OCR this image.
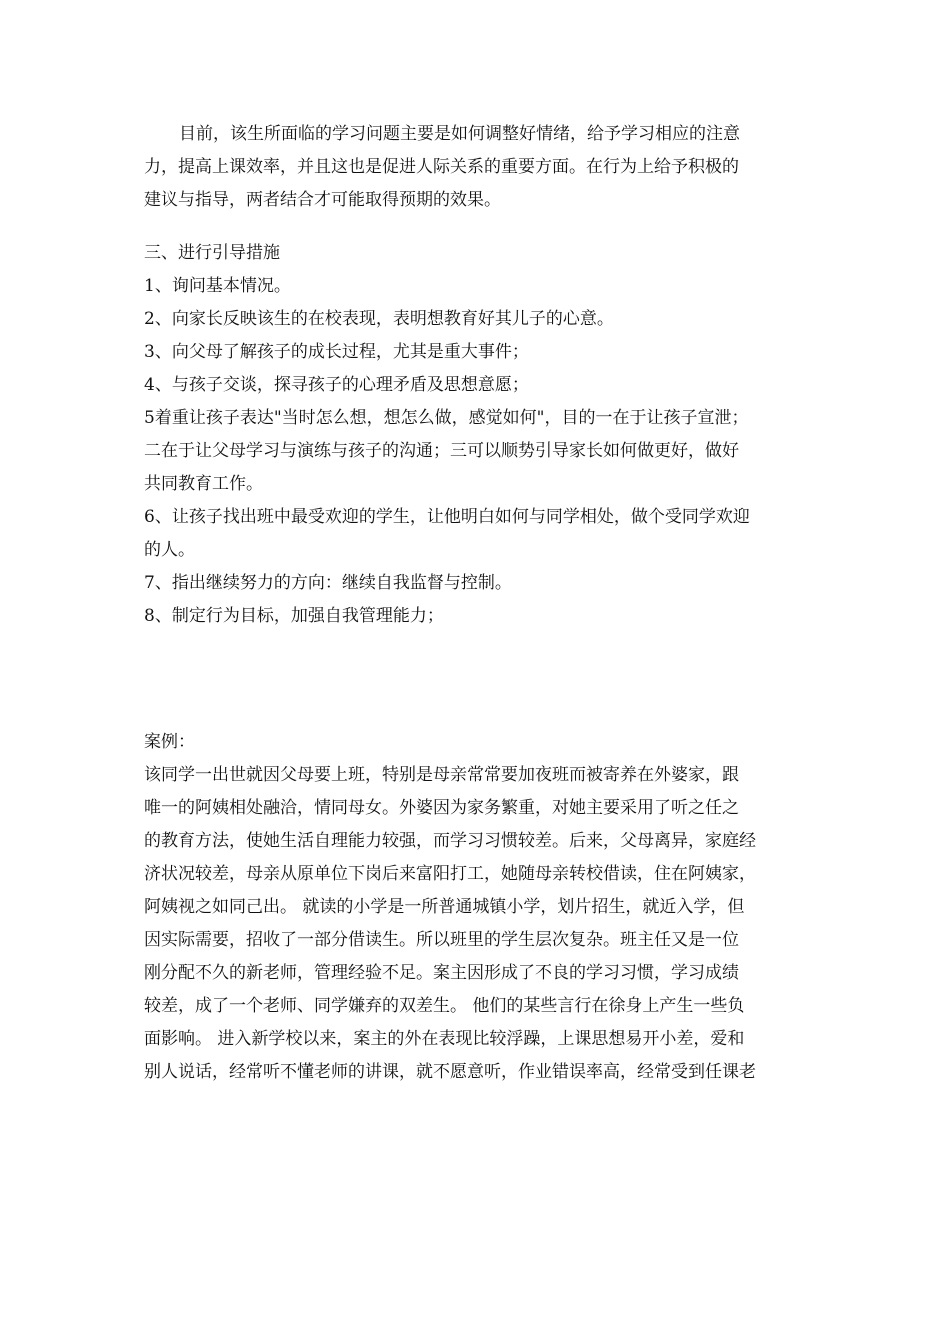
目前，该生所面临的学习问题主要是如何调整好情绪，给予学习相应的注意
力，提高上课效率，并且这也是促进人际关系的重要方面。在行为上给予积极的
建议与指导，两者结合才可能取得预期的效果。
三、进行引导措施
1、询问基本情况。
2、向家长反映该生的在校表现，表明想教育好其儿子的心意。
3、向父母了解孩子的成长过程，尤其是重大事件；
4、与孩子交谈，探寻孩子的心理矛盾及思想意愿；
5着重让孩子表达"当时怎么想，想怎么做，感觉如何"，目的一在于让孩子宣泄；
二在于让父母学习与演练与孩子的沟通；三可以顺势引导家长如何做更好，做好
共同教育工作。
6、让孩子找出班中最受欢迎的学生，让他明白如何与同学相处，做个受同学欢迎
的人。
7、指出继续努力的方向：继续自我监督与控制。
8、制定行为目标，加强自我管理能力；
案例：
该同学一出世就因父母要上班，特别是母亲常常要加夜班而被寄养在外婆家，跟
唯一的阿姨相处融洽，情同母女。外婆因为家务繁重，对她主要采用了听之任之
的教育方法，使她生活自理能力较强，而学习习惯较差。后来，父母离异，家庭经
济状况较差，母亲从原单位下岗后来富阳打工，她随母亲转校借读，住在阿姨家，
阿姨视之如同己出。 就读的小学是一所普通城镇小学，划片招生，就近入学，但
因实际需要，招收了一部分借读生。所以班里的学生层次复杂。班主任又是一位
刚分配不久的新老师，管理经验不足。案主因形成了不良的学习习惯，学习成绩
较差，成了一个老师、同学嫌弃的双差生。 他们的某些言行在徐身上产生一些负
面影响。 进入新学校以来，案主的外在表现比较浮躁，上课思想易开小差，爱和
别人说话，经常听不懂老师的讲课，就不愿意听，作业错误率高，经常受到任课老
